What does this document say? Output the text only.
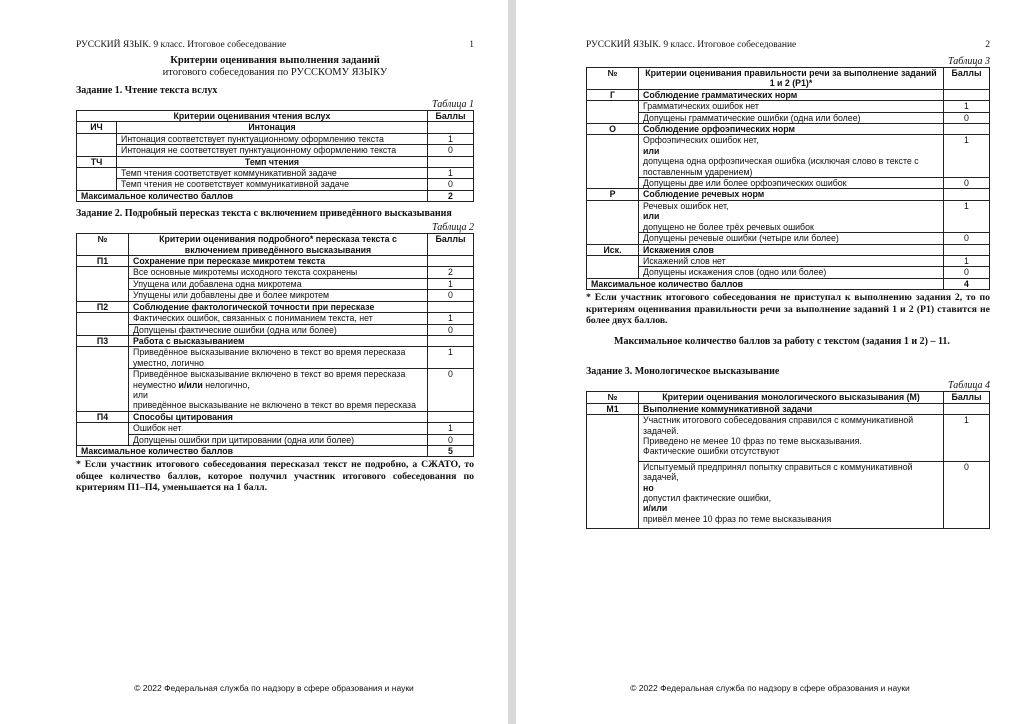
РУССКИЙ ЯЗЫК. 9 класс. Итоговое собеседование	1
Критерии оценивания выполнения заданий
итогового собеседования по РУССКОМУ ЯЗЫКУ
Задание 1. Чтение текста вслух
Таблица 1
Критерии оценивания чтения вслух		Баллы
ИЧ	Интонация	
	Интонация соответствует пунктуационному оформлению текста	1
	Интонация не соответствует пунктуационному оформлению текста	0
ТЧ	Темп чтения	
	Темп чтения соответствует коммуникативной задаче	1
	Темп чтения не соответствует коммуникативной задаче	0
Максимальное количество баллов		2
Задание 2. Подробный пересказ текста с включением приведённого высказывания
Таблица 2
№	Критерии оценивания подробного* пересказа текста с включением приведённого высказывания	Баллы
П1	Сохранение при пересказе микротем текста	
	Все основные микротемы исходного текста сохранены	2
	Упущена или добавлена одна микротема	1
	Упущены или добавлены две и более микротем	0
П2	Соблюдение фактологической точности при пересказе	
	Фактических ошибок, связанных с пониманием текста, нет	1
	Допущены фактические ошибки (одна или более)	0
П3	Работа с высказыванием	
	Приведённое высказывание включено в текст во время пересказа уместно, логично	1
	Приведённое высказывание включено в текст во время пересказа неуместно и/или нелогично,
или
приведённое высказывание не включено в текст во время пересказа	0
П4	Способы цитирования	
	Ошибок нет	1
	Допущены ошибки при цитировании (одна или более)	0
Максимальное количество баллов		5
* Если участник итогового собеседования пересказал текст не подробно, а СЖАТО, то общее количество баллов, которое получил участник итогового собеседования по критериям П1–П4, уменьшается на 1 балл.
© 2022 Федеральная служба по надзору в сфере образования и науки
РУССКИЙ ЯЗЫК. 9 класс. Итоговое собеседование	2
Таблица 3
№	Критерии оценивания правильности речи за выполнение заданий 1 и 2 (Р1)*	Баллы
Г	Соблюдение грамматических норм	
	Грамматических ошибок нет	1
	Допущены грамматические ошибки (одна или более)	0
О	Соблюдение орфоэпических норм	
	Орфоэпических ошибок нет,
или
допущена одна орфоэпическая ошибка (исключая слово в тексте с поставленным ударением)	1
	Допущены две или более орфоэпических ошибок	0
Р	Соблюдение речевых норм	
	Речевых ошибок нет,
или
допущено не более трёх речевых ошибок	1
	Допущены речевые ошибки (четыре или более)	0
Иск.	Искажения слов	
	Искажений слов нет	1
	Допущены искажения слов (одно или более)	0
Максимальное количество баллов		4
* Если участник итогового собеседования не приступал к выполнению задания 2, то по критериям оценивания правильности речи за выполнение заданий 1 и 2 (Р1) ставится не более двух баллов.
Максимальное количество баллов за работу с текстом (задания 1 и 2) – 11.
Задание 3. Монологическое высказывание
Таблица 4
№	Критерии оценивания монологического высказывания (М)	Баллы
М1	Выполнение коммуникативной задачи	

	Участник итогового собеседования справился с коммуникативной задачей.
Приведено не менее 10 фраз по теме высказывания.
Фактические ошибки отсутствуют	1

	Испытуемый предпринял попытку справиться с коммуникативной задачей,
но
допустил фактические ошибки,
и/или
привёл менее 10 фраз по теме высказывания	0
© 2022 Федеральная служба по надзору в сфере образования и науки
